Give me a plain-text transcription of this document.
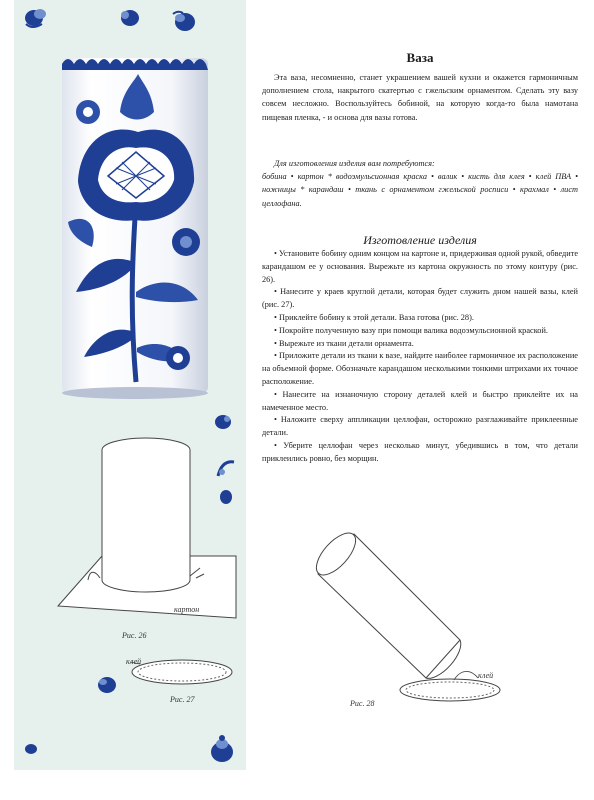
картон
Рис. 26
клей
Рис. 27
клей
Рис. 28
Ваза

Эта ваза, несомненно, станет украшением вашей кухни и окажется гармоничным дополнением стола, накрытого скатертью с гжельским орнаментом. Сделать эту вазу совсем несложно. Воспользуйтесь бобиной, на которую когда-то была намотана пищевая пленка, - и основа для вазы готова.

Для изготовления изделия вам потребуются:
бобина • картон * водоэмульсионная краска • валик • кисть для клея • клей ПВА • ножницы * карандаш • ткань с орнаментом гжельской росписи • крахмал • лист целлофана.
Изготовление изделия

• Установите бобину одним концом на картоне и, придерживая одной рукой, обведите карандашом ее у основания. Вырежьте из картона окружность по этому контуру (рис. 26).

• Нанесите у краев круглой детали, которая будет служить дном нашей вазы, клей (рис. 27).

• Приклейте бобину к этой детали. Ваза готова (рис. 28).

• Покройте полученную вазу при помощи валика водоэмульсионной краской.

• Вырежьте из ткани детали орнамента.

• Приложите детали из ткани к вазе, найдите наиболее гармоничное их расположение на объемной форме. Обозначьте карандашом несколькими тонкими штрихами их точное расположение.

• Нанесите на изнаночную сторону деталей клей и быстро приклейте их на намеченное место.

• Наложите сверху аппликации целлофан, осторожно разглаживайте приклеенные детали.

• Уберите целлофан через несколько минут, убедившись в том, что детали приклеились ровно, без морщин.
